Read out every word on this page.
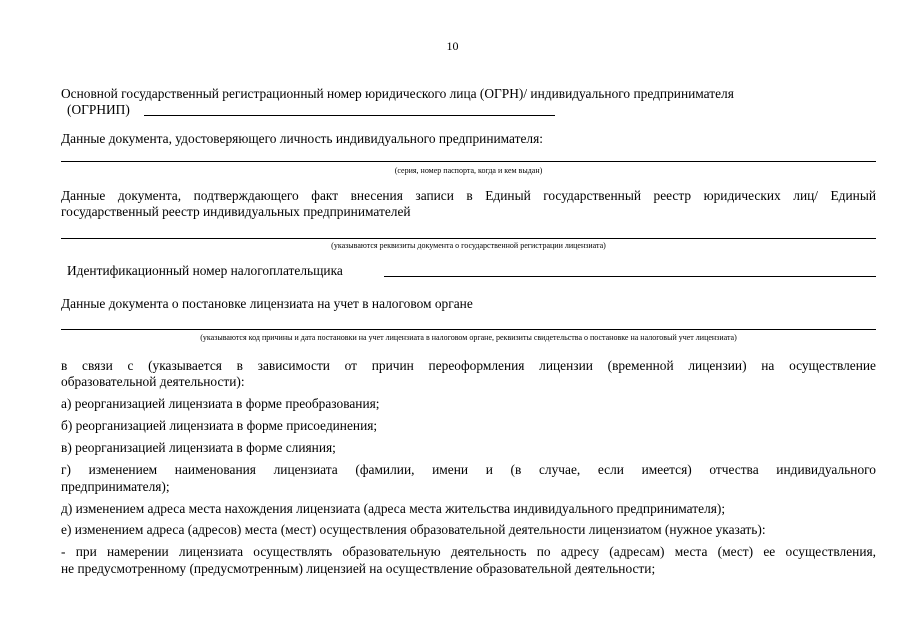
10
Основной государственный регистрационный номер юридического лица (ОГРН)/ индивидуального предпринимателя
(ОГРНИП)
Данные документа, удостоверяющего личность индивидуального предпринимателя:
(серия, номер паспорта, когда и кем выдан)
Данные документа, подтверждающего факт внесения записи в Единый государственный реестр юридических лиц/ Единый
государственный реестр индивидуальных предпринимателей
(указываются реквизиты документа о государственной регистрации лицензиата)
Идентификационный номер налогоплательщика
Данные документа о постановке лицензиата на учет в налоговом органе
(указываются код причины и дата постановки на учет лицензиата в налоговом органе, реквизиты свидетельства о постановке на налоговый учет лицензиата)
в связи с (указывается в зависимости от причин переоформления лицензии (временной лицензии) на осуществление
образовательной деятельности):
а) реорганизацией лицензиата в форме преобразования;
б) реорганизацией лицензиата в форме присоединения;
в) реорганизацией лицензиата в форме слияния;
г) изменением наименования лицензиата (фамилии, имени и (в случае, если имеется) отчества индивидуального
предпринимателя);
д) изменением адреса места нахождения лицензиата (адреса места жительства индивидуального предпринимателя);
е) изменением адреса (адресов) места (мест) осуществления образовательной деятельности лицензиатом (нужное указать):
- при намерении лицензиата осуществлять образовательную деятельность по адресу (адресам) места (мест) ее осуществления,
не предусмотренному (предусмотренным) лицензией на осуществление образовательной деятельности;
